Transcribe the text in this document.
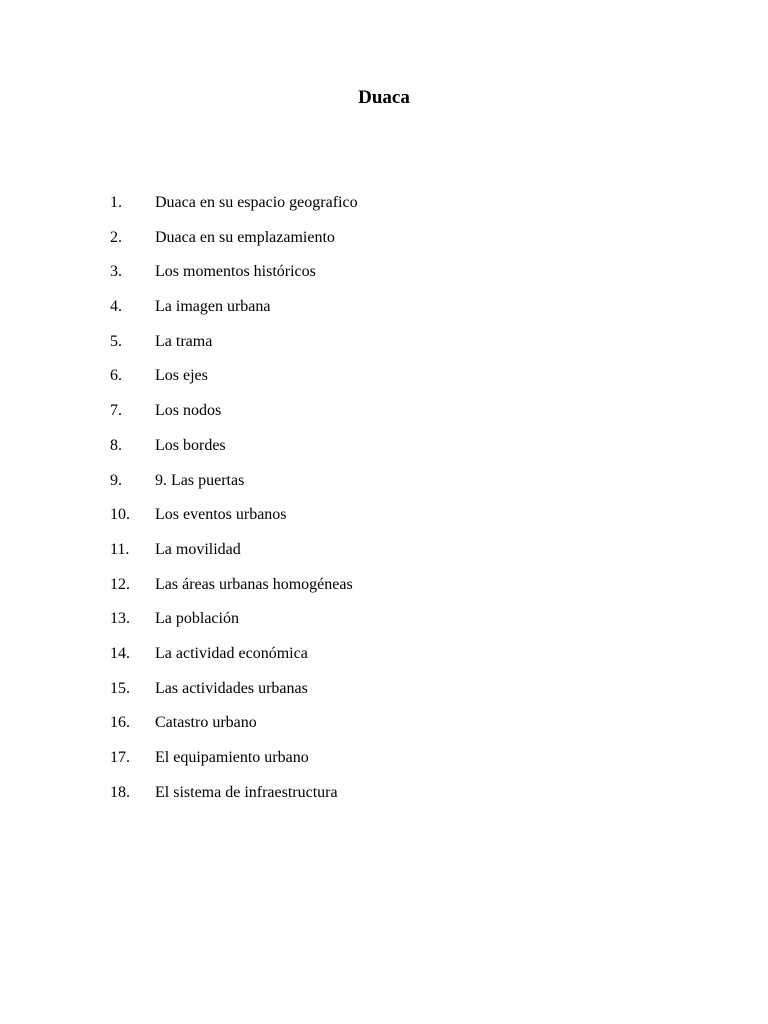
Duaca
1. Duaca en su espacio geografico
2. Duaca en su emplazamiento
3. Los momentos históricos
4. La imagen urbana
5. La trama
6. Los ejes
7. Los nodos
8. Los bordes
9. 9. Las puertas
10. Los eventos urbanos
11. La movilidad
12. Las áreas urbanas homogéneas
13. La población
14. La actividad económica
15. Las actividades urbanas
16. Catastro urbano
17. El equipamiento urbano
18. El sistema de infraestructura
